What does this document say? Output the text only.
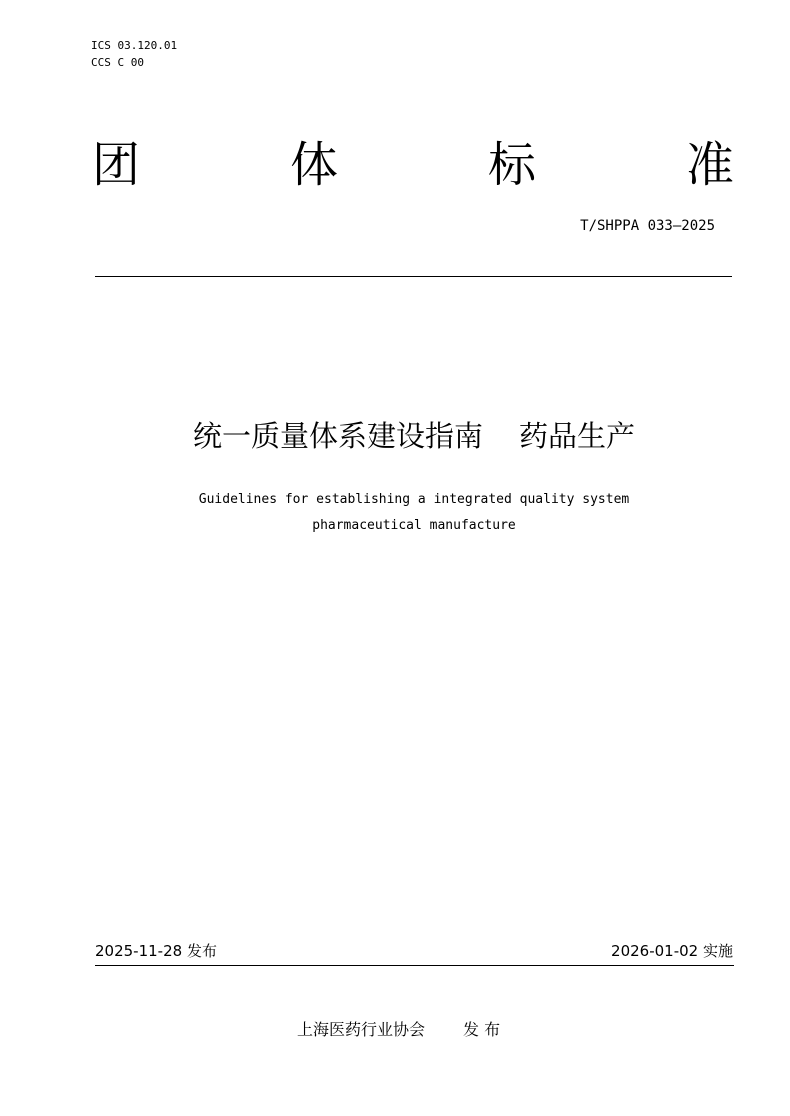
ICS 03.120.01
CCS C 00
团	体	标	准
T/SHPPA 033—2025
统一质量体系建设指南 药品生产
Guidelines for establishing a integrated quality system
pharmaceutical manufacture
2025-11-28 发布	2026-01-02 实施
上海医药行业协会 发 布
